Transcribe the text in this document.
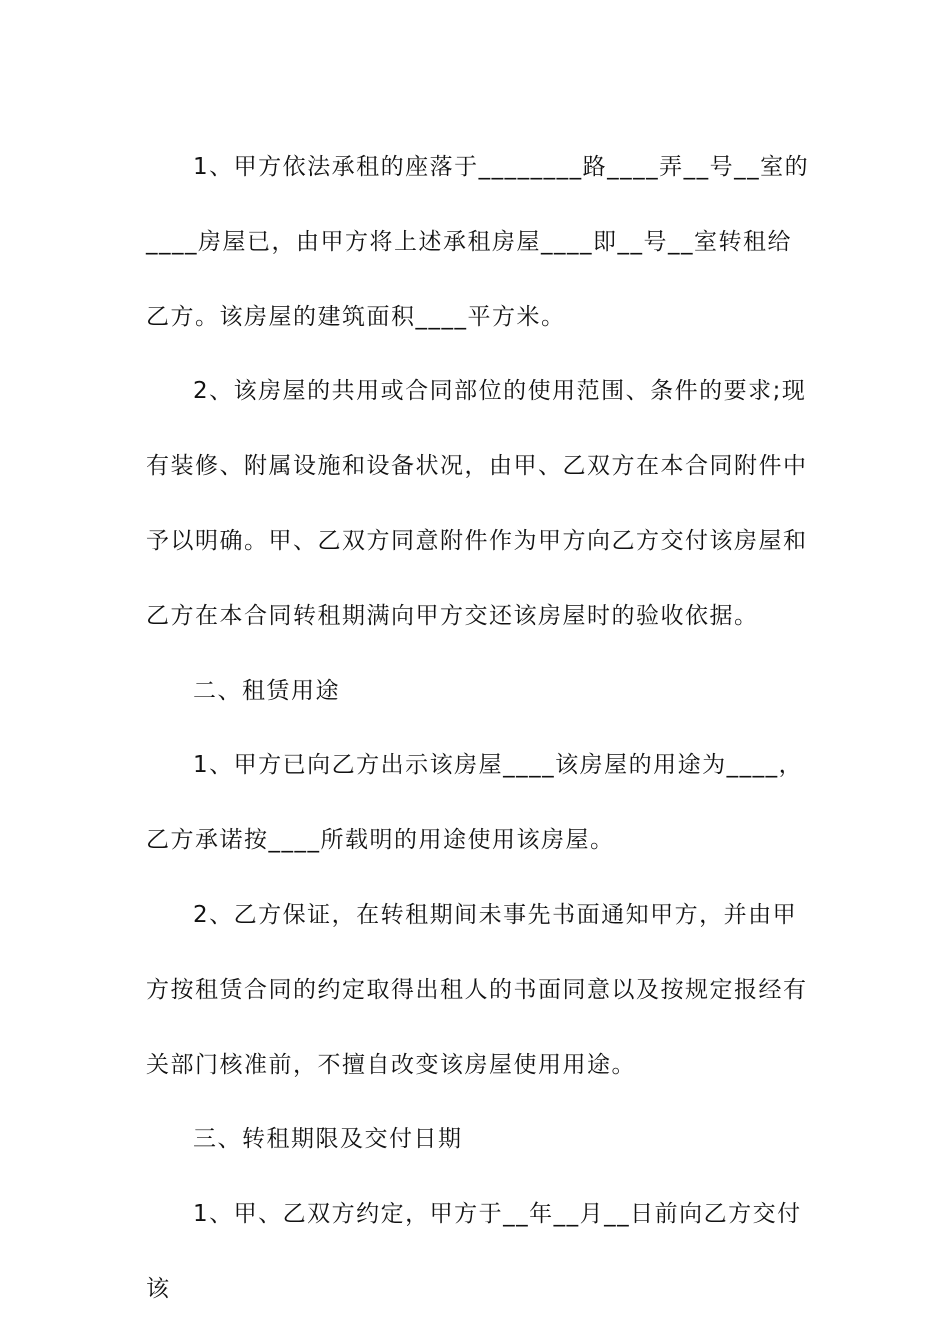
1、甲方依法承租的座落于________路____弄__号__室的____房屋已，由甲方将上述承租房屋____即__号__室转租给乙方。该房屋的建筑面积____平方米。

2、该房屋的共用或合同部位的使用范围、条件的要求;现有装修、附属设施和设备状况，由甲、乙双方在本合同附件中予以明确。甲、乙双方同意附件作为甲方向乙方交付该房屋和乙方在本合同转租期满向甲方交还该房屋时的验收依据。

二、租赁用途

1、甲方已向乙方出示该房屋____该房屋的用途为____，乙方承诺按____所载明的用途使用该房屋。

2、乙方保证，在转租期间未事先书面通知甲方，并由甲方按租赁合同的约定取得出租人的书面同意以及按规定报经有关部门核准前，不擅自改变该房屋使用用途。

三、转租期限及交付日期

1、甲、乙双方约定，甲方于__年__月__日前向乙方交付该
